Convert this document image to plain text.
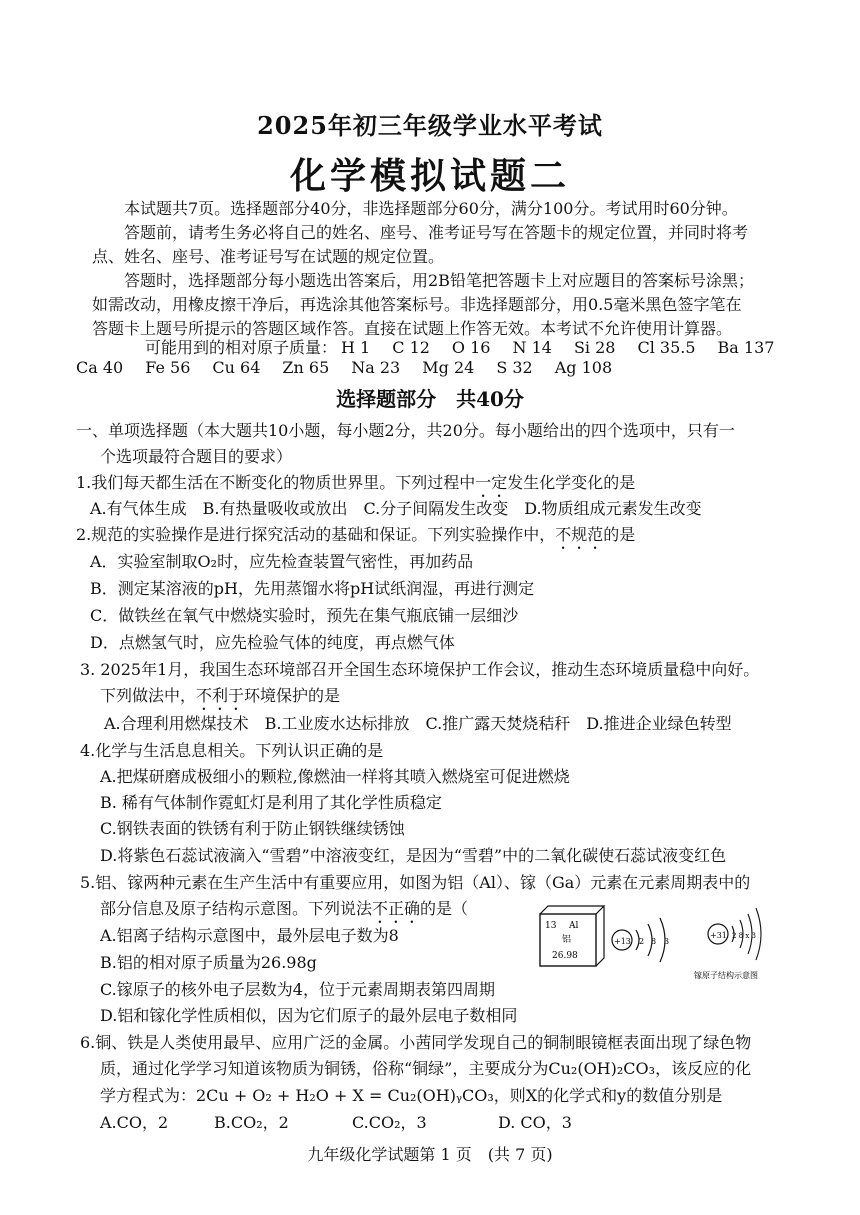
2025年初三年级学业水平考试
化学模拟试题二
本试题共7页。选择题部分40分，非选择题部分60分，满分100分。考试用时60分钟。
答题前，请考生务必将自己的姓名、座号、准考证号写在答题卡的规定位置，并同时将考
点、姓名、座号、准考证号写在试题的规定位置。
答题时，选择题部分每小题选出答案后，用2B铅笔把答题卡上对应题目的答案标号涂黑；
如需改动，用橡皮擦干净后，再选涂其他答案标号。非选择题部分，用0.5毫米黑色签字笔在
答题卡上题号所提示的答题区域作答。直接在试题上作答无效。本考试不允许使用计算器。
可能用到的相对原子质量： H 1 C 12 O 16 N 14 Si 28 Cl 35.5 Ba 137
Ca 40 Fe 56 Cu 64 Zn 65 Na 23 Mg 24 S 32 Ag 108
选择题部分　共40分
一、单项选择题（本大题共10小题，每小题2分，共20分。每小题给出的四个选项中，只有一
个选项最符合题目的要求）
1.我们每天都生活在不断变化的物质世界里。下列过程中一定发生化学变化的是
A.有气体生成　B.有热量吸收或放出　C.分子间隔发生改变　D.物质组成元素发生改变
2.规范的实验操作是进行探究活动的基础和保证。下列实验操作中，不规范的是
A．实验室制取O₂时，应先检查装置气密性，再加药品
B．测定某溶液的pH，先用蒸馏水将pH试纸润湿，再进行测定
C．做铁丝在氧气中燃烧实验时，预先在集气瓶底铺一层细沙
D．点燃氢气时，应先检验气体的纯度，再点燃气体
3. 2025年1月，我国生态环境部召开全国生态环境保护工作会议，推动生态环境质量稳中向好。
下列做法中，不利于环境保护的是
A.合理利用燃煤技术　B.工业废水达标排放　C.推广露天焚烧秸秆　D.推进企业绿色转型
4.化学与生活息息相关。下列认识正确的是
A.把煤研磨成极细小的颗粒,像燃油一样将其喷入燃烧室可促进燃烧
B. 稀有气体制作霓虹灯是利用了其化学性质稳定
C.钢铁表面的铁锈有利于防止钢铁继续锈蚀
D.将紫色石蕊试液滴入“雪碧”中溶液变红，是因为“雪碧”中的二氧化碳使石蕊试液变红色
5.铝、镓两种元素在生产生活中有重要应用，如图为铝（Al）、镓（Ga）元素在元素周期表中的
部分信息及原子结构示意图。下列说法不正确的是（
A.铝离子结构示意图中，最外层电子数为8
B.铝的相对原子质量为26.98g
C.镓原子的核外电子层数为4，位于元素周期表第四周期
D.铝和镓化学性质相似，因为它们原子的最外层电子数相同
13 Al
铝
26.98
+13 2 8 3
+31 2 8 x 3
镓原子结构示意图
6.铜、铁是人类使用最早、应用广泛的金属。小茜同学发现自己的铜制眼镜框表面出现了绿色物
质，通过化学学习知道该物质为铜锈，俗称“铜绿”，主要成分为Cu₂(OH)₂CO₃，该反应的化
学方程式为：2Cu + O₂ + H₂O + X = Cu₂(OH)ᵧCO₃，则X的化学式和y的数值分别是
A.CO，2	B.CO₂，2	C.CO₂，3	D. CO，3
九年级化学试题第 1 页　(共 7 页)
